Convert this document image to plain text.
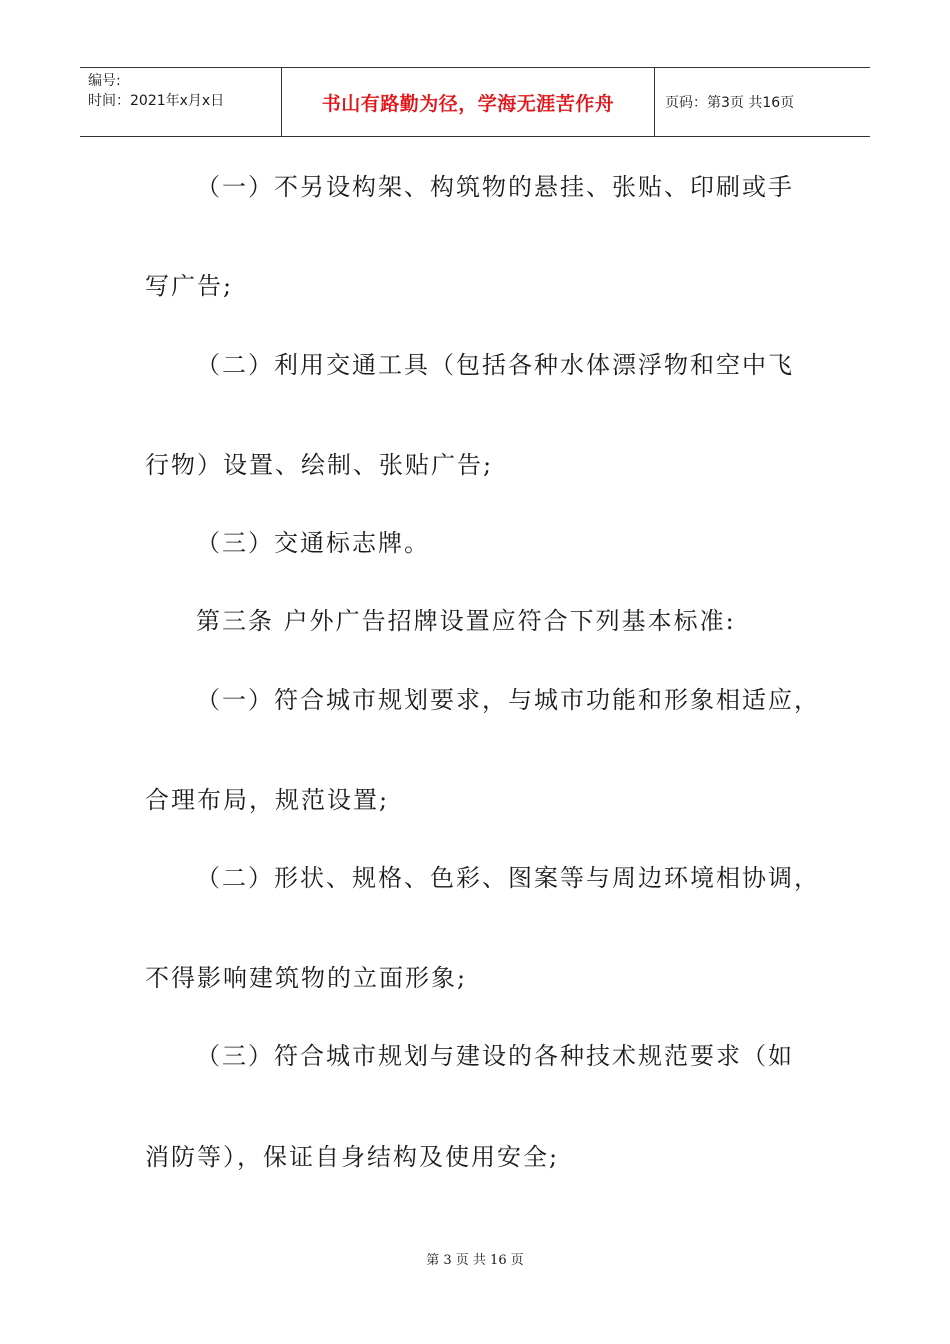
编号:
时间：2021年x月x日	书山有路勤为径，学海无涯苦作舟	页码：第3页 共16页
（一）不另设构架、构筑物的悬挂、张贴、印刷或手
写广告;
（二）利用交通工具（包括各种水体漂浮物和空中飞
行物）设置、绘制、张贴广告;
（三）交通标志牌。
第三条 户外广告招牌设置应符合下列基本标准:
（一）符合城市规划要求，与城市功能和形象相适应，
合理布局，规范设置;
（二）形状、规格、色彩、图案等与周边环境相协调，
不得影响建筑物的立面形象;
（三）符合城市规划与建设的各种技术规范要求（如
消防等），保证自身结构及使用安全;
第 3 页 共 16 页
